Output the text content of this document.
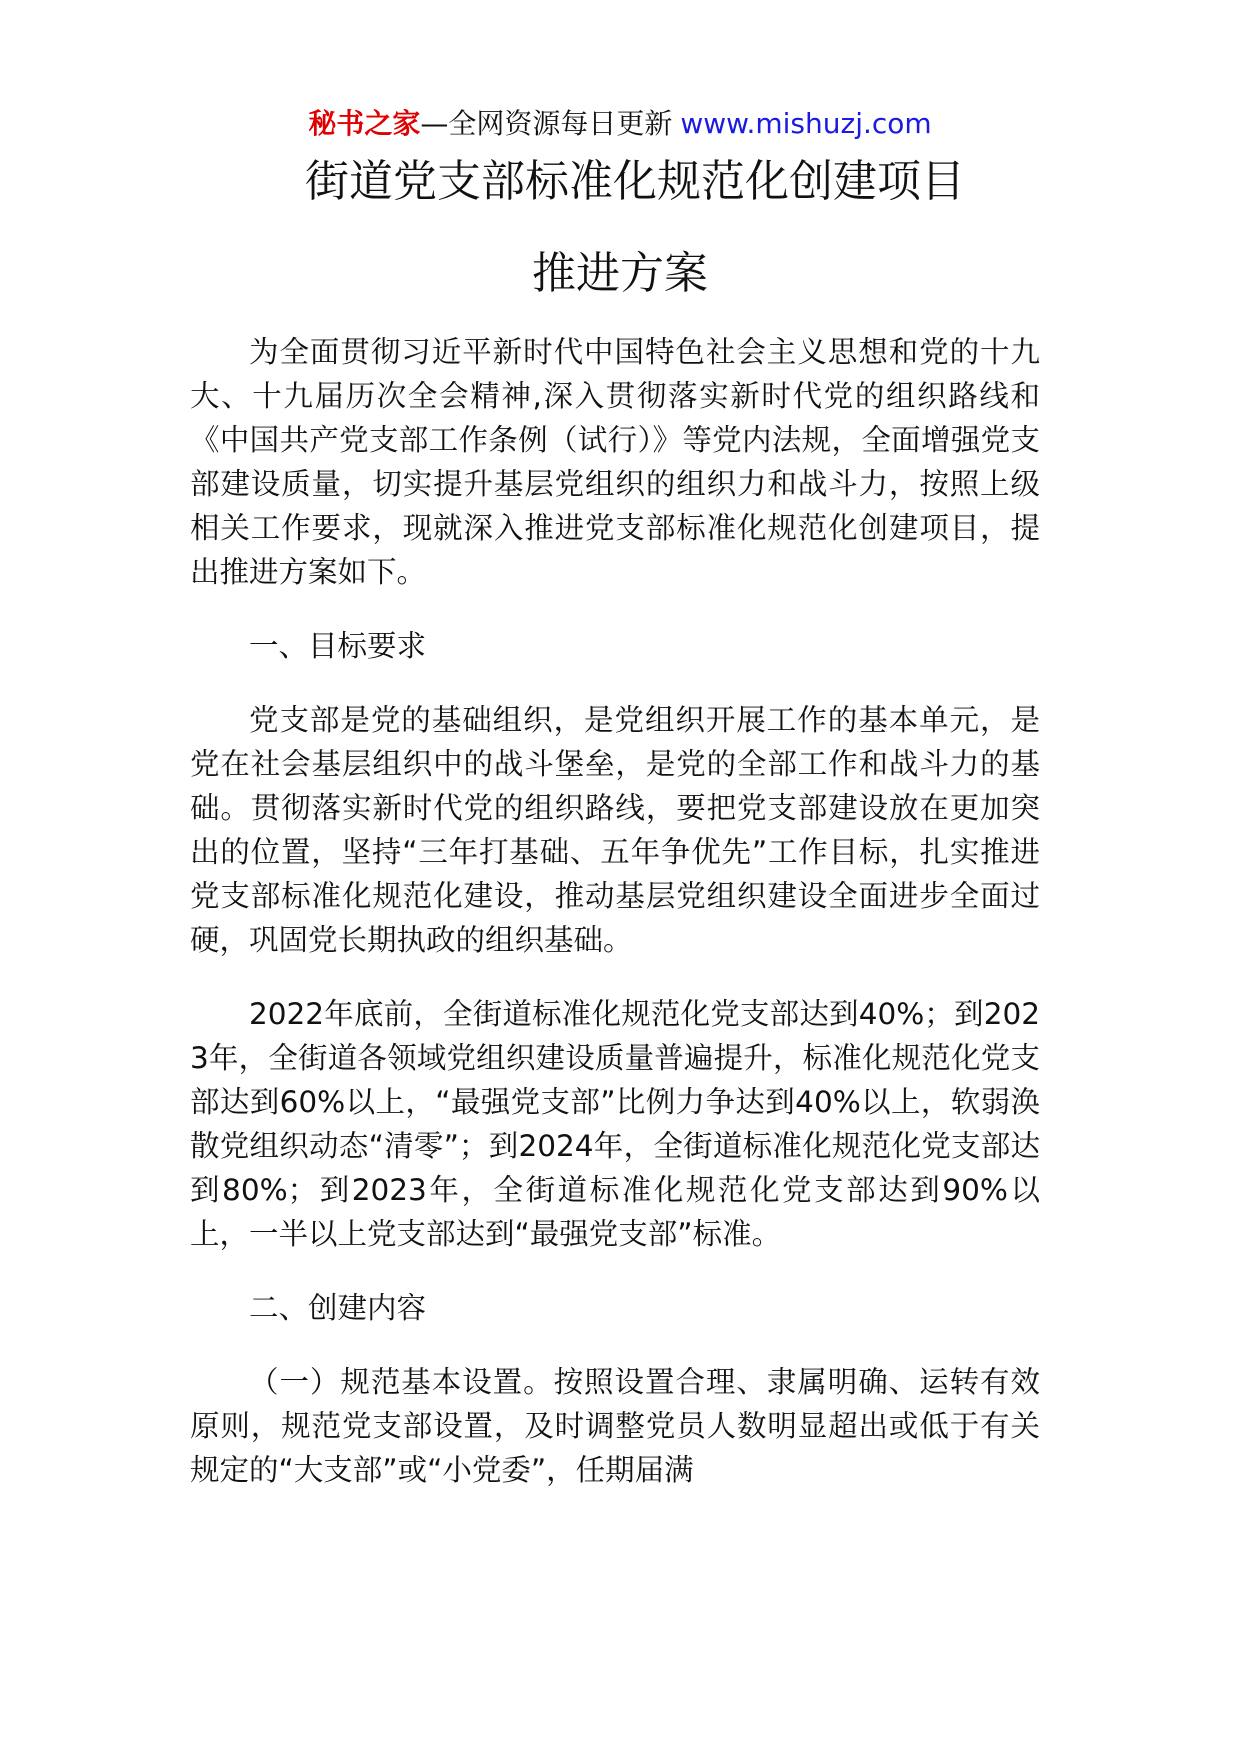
秘书之家—全网资源每日更新 www.mishuzj.com
街道党支部标准化规范化创建项目
推进方案

为全面贯彻习近平新时代中国特色社会主义思想和党的十九大、十九届历次全会精神,深入贯彻落实新时代党的组织路线和《中国共产党支部工作条例（试行）》等党内法规，全面增强党支部建设质量，切实提升基层党组织的组织力和战斗力，按照上级相关工作要求，现就深入推进党支部标准化规范化创建项目，提出推进方案如下。

一、目标要求

党支部是党的基础组织，是党组织开展工作的基本单元，是党在社会基层组织中的战斗堡垒，是党的全部工作和战斗力的基础。贯彻落实新时代党的组织路线，要把党支部建设放在更加突出的位置，坚持“三年打基础、五年争优先”工作目标，扎实推进党支部标准化规范化建设，推动基层党组织建设全面进步全面过硬，巩固党长期执政的组织基础。

2022年底前，全街道标准化规范化党支部达到40%；到2023年，全街道各领域党组织建设质量普遍提升，标准化规范化党支部达到60%以上，“最强党支部”比例力争达到40%以上，软弱涣散党组织动态“清零”；到2024年，全街道标准化规范化党支部达到80%；到2023年，全街道标准化规范化党支部达到90%以上，一半以上党支部达到“最强党支部”标准。

二、创建内容

（一）规范基本设置。按照设置合理、隶属明确、运转有效原则，规范党支部设置，及时调整党员人数明显超出或低于有关规定的“大支部”或“小党委”，任期届满
